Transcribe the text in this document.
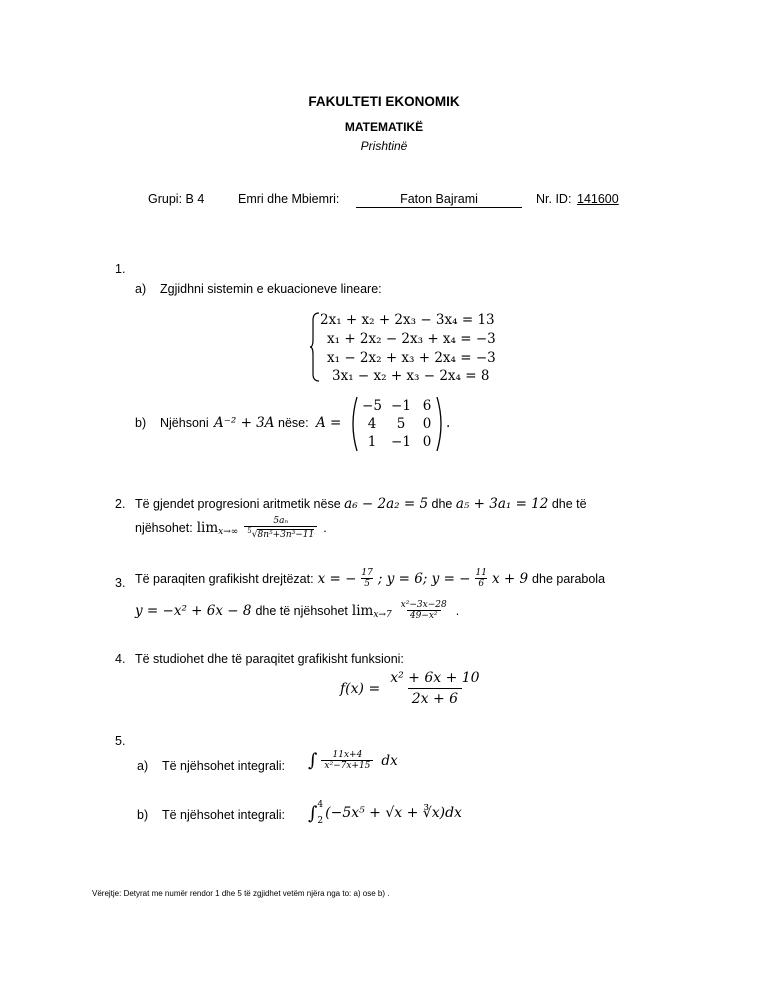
FAKULTETI EKONOMIK
MATEMATIKË
Prishtinë
Grupi: B 4	Emri dhe Mbiemri:	Faton Bajrami	Nr. ID: 141600
1.
a) Zgjidhni sistemin e ekuacioneve lineare:
2x₁ + x₂ + 2x₃ − 3x₄ = 13
x₁ + 2x₂ − 2x₃ + x₄ = −3
x₁ − 2x₂ + x₃ + 2x₄ = −3
3x₁ − x₂ + x₃ − 2x₄ = 8
b) Njëhsoni A⁻² + 3A nëse: A =
−5 −1 6
4	5	0
1	−1 0
.
2. Të gjendet progresioni aritmetik nëse a₆ − 2a₂ = 5 dhe a₅ + 3a₁ = 12 dhe të
njëhsohet: $\lim x\to\infty \frac{\text{5aₙ}}{^5√8n^5+3n^3-11}$ .
3. Të paraqiten grafikisht drejtëzat: x = − $\frac{17}{5}$ ; y = 6; y = − $\frac{11}{6}$ x + 9 dhe parabola
y = −x² + 6x − 8 dhe të njëhsohet $\lim x\to 7 \frac{\text{x²−3x−28}}{\text{49−x²}}$ .
4. Të studiohet dhe të paraqitet grafikisht funksioni:
$f(x) = \frac{\text{x² + 6x + 10}}{2x + 6}$
5.
a) Të njëhsohet integrali: ∫ $\frac{11x+4}{\text{x²−7x+15}}$ dx
b) Të njëhsohet integrali: ∫ 4
2 (−5x⁵ + √x + ∛x)dx
Vërejtje: Detyrat me numër rendor 1 dhe 5 të zgjidhet vetëm njëra nga to: a) ose b) .
